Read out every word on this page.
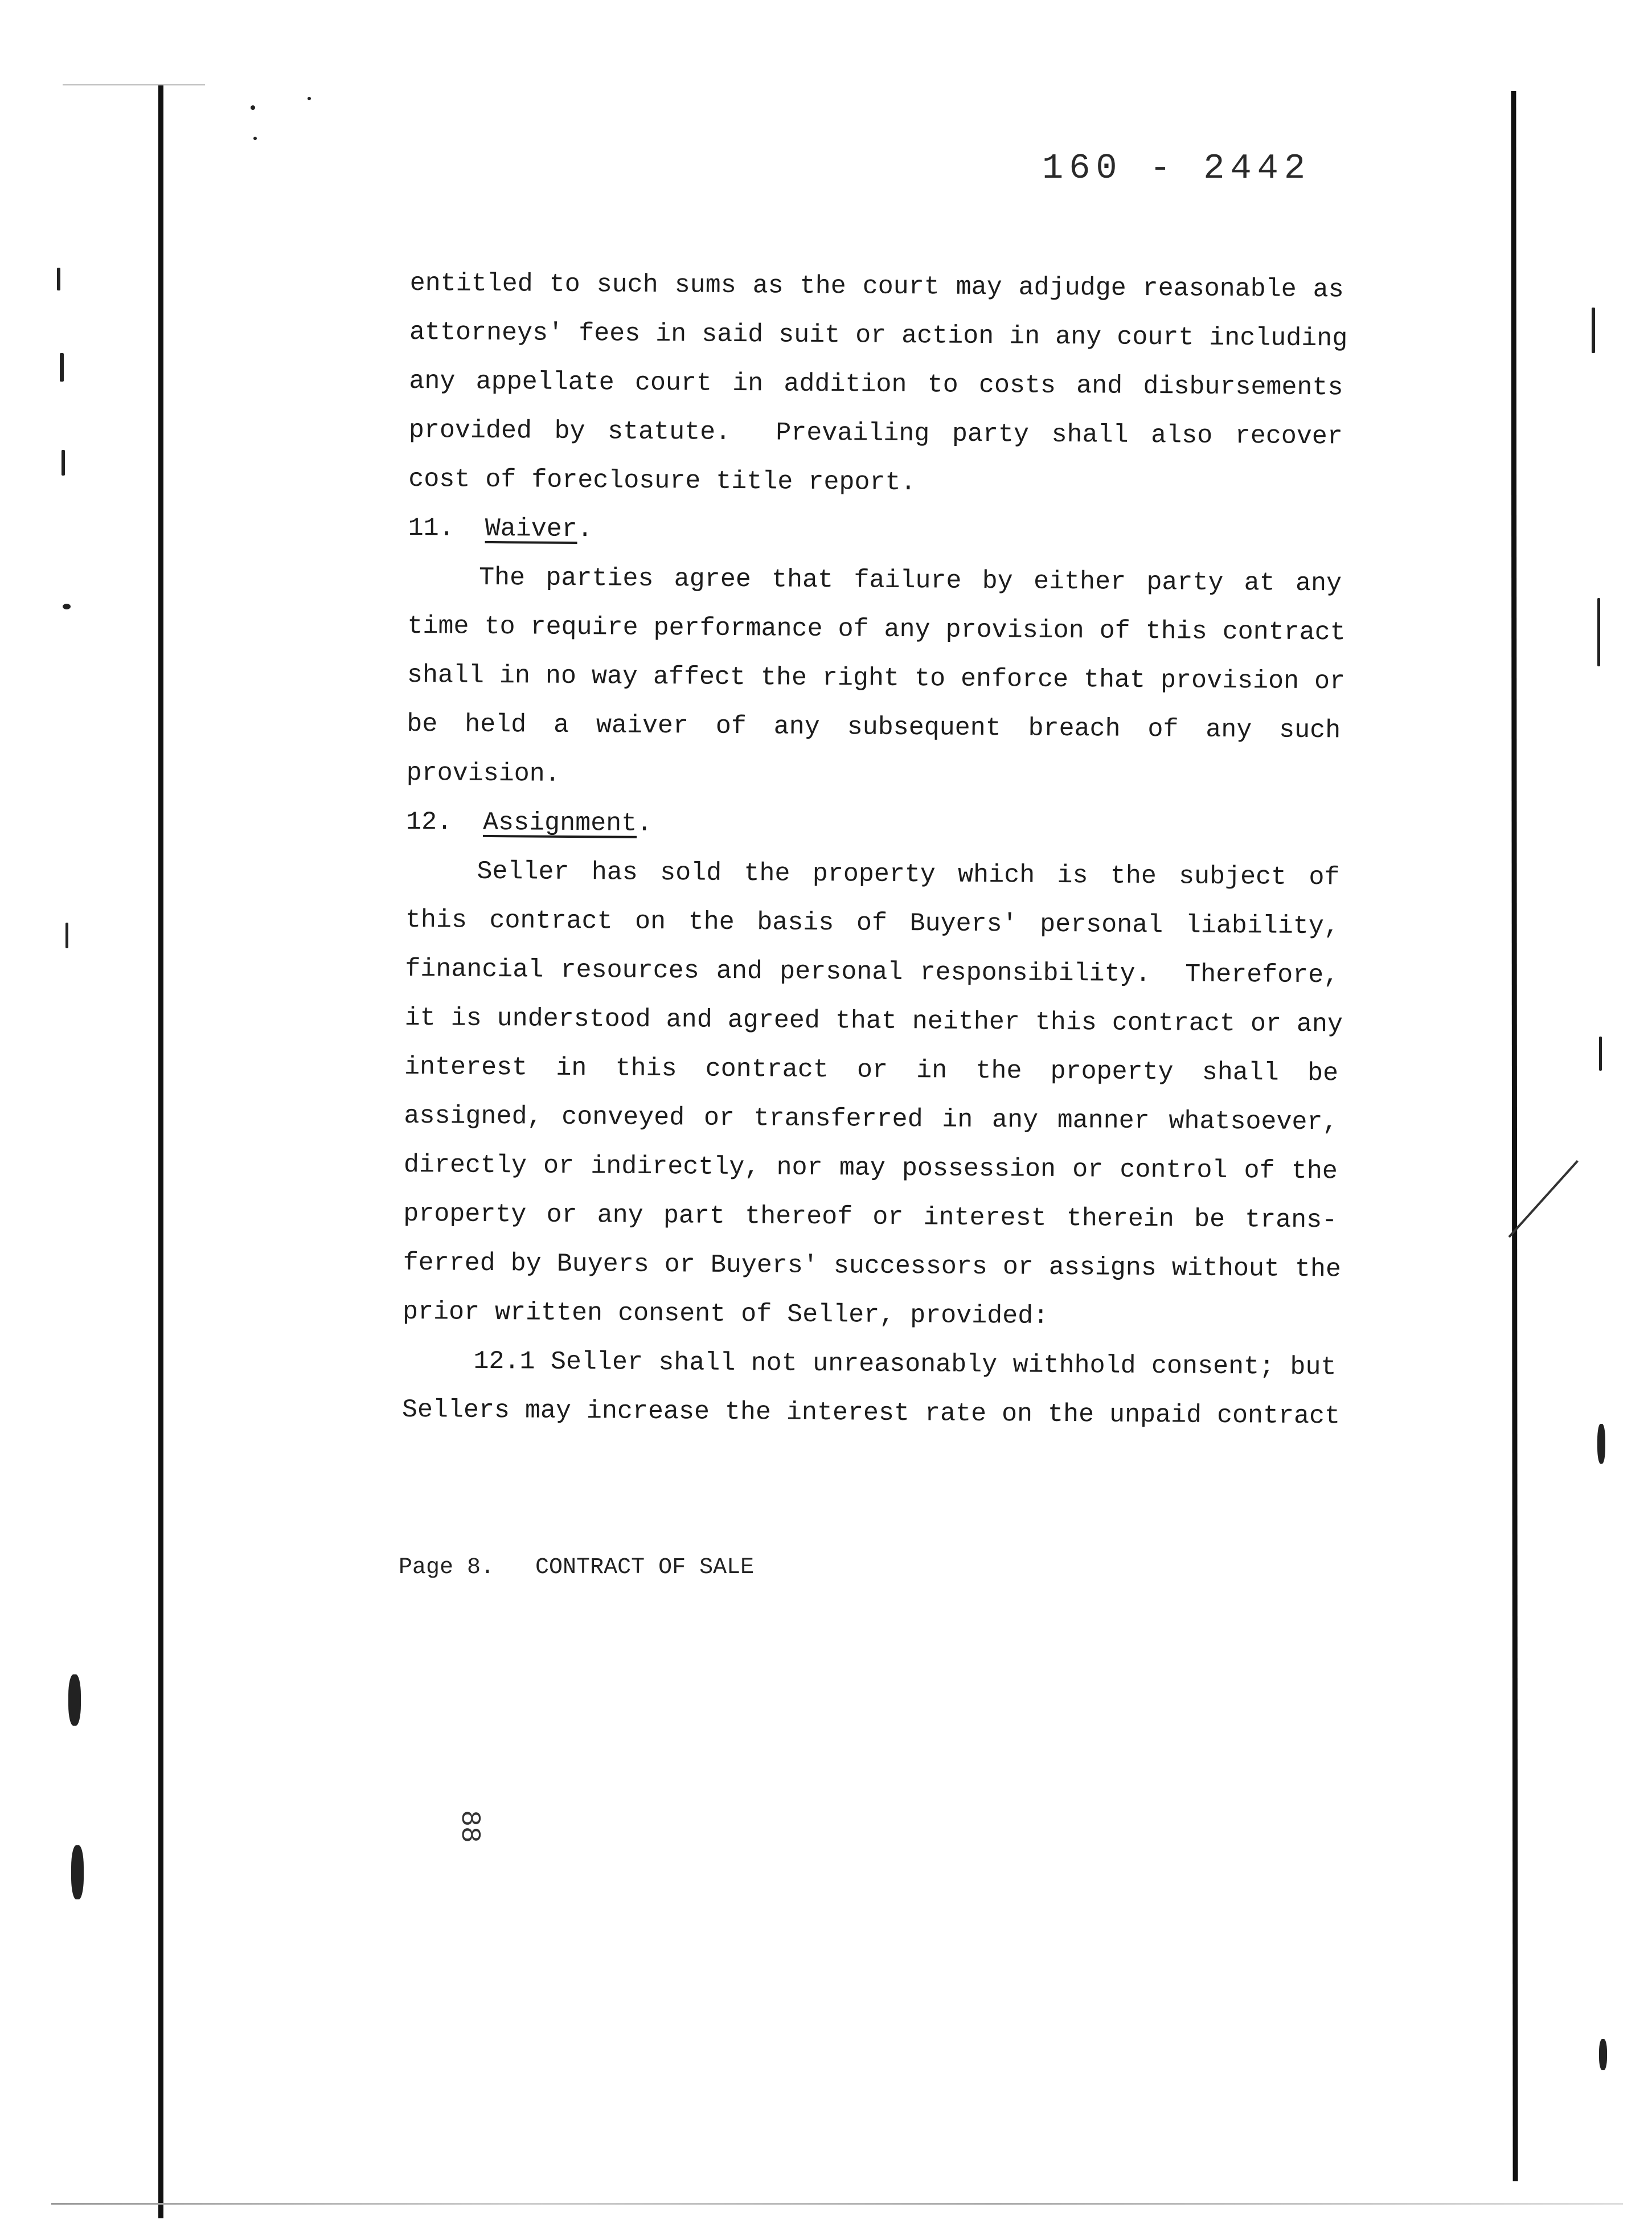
160 - 2442
entitled to such sums as the court may adjudge reasonable as
attorneys' fees in said suit or action in any court including
any appellate court in addition to costs and disbursements
provided by statute.  Prevailing party shall also recover
cost of foreclosure title report.
11. Waiver.
The parties agree that failure by either party at any
time to require performance of any provision of this contract
shall in no way affect the right to enforce that provision or
be held a waiver of any subsequent breach of any such
provision.
12. Assignment.
Seller has sold the property which is the subject of
this contract on the basis of Buyers' personal liability,
financial resources and personal responsibility.  Therefore,
it is understood and agreed that neither this contract or any
interest in this contract or in the property shall be
assigned, conveyed or transferred in any manner whatsoever,
directly or indirectly, nor may possession or control of the
property or any part thereof or interest therein be trans-
ferred by Buyers or Buyers' successors or assigns without the
prior written consent of Seller, provided:
12.1 Seller shall not unreasonably withhold consent; but
Sellers may increase the interest rate on the unpaid contract
Page 8. CONTRACT OF SALE
88
